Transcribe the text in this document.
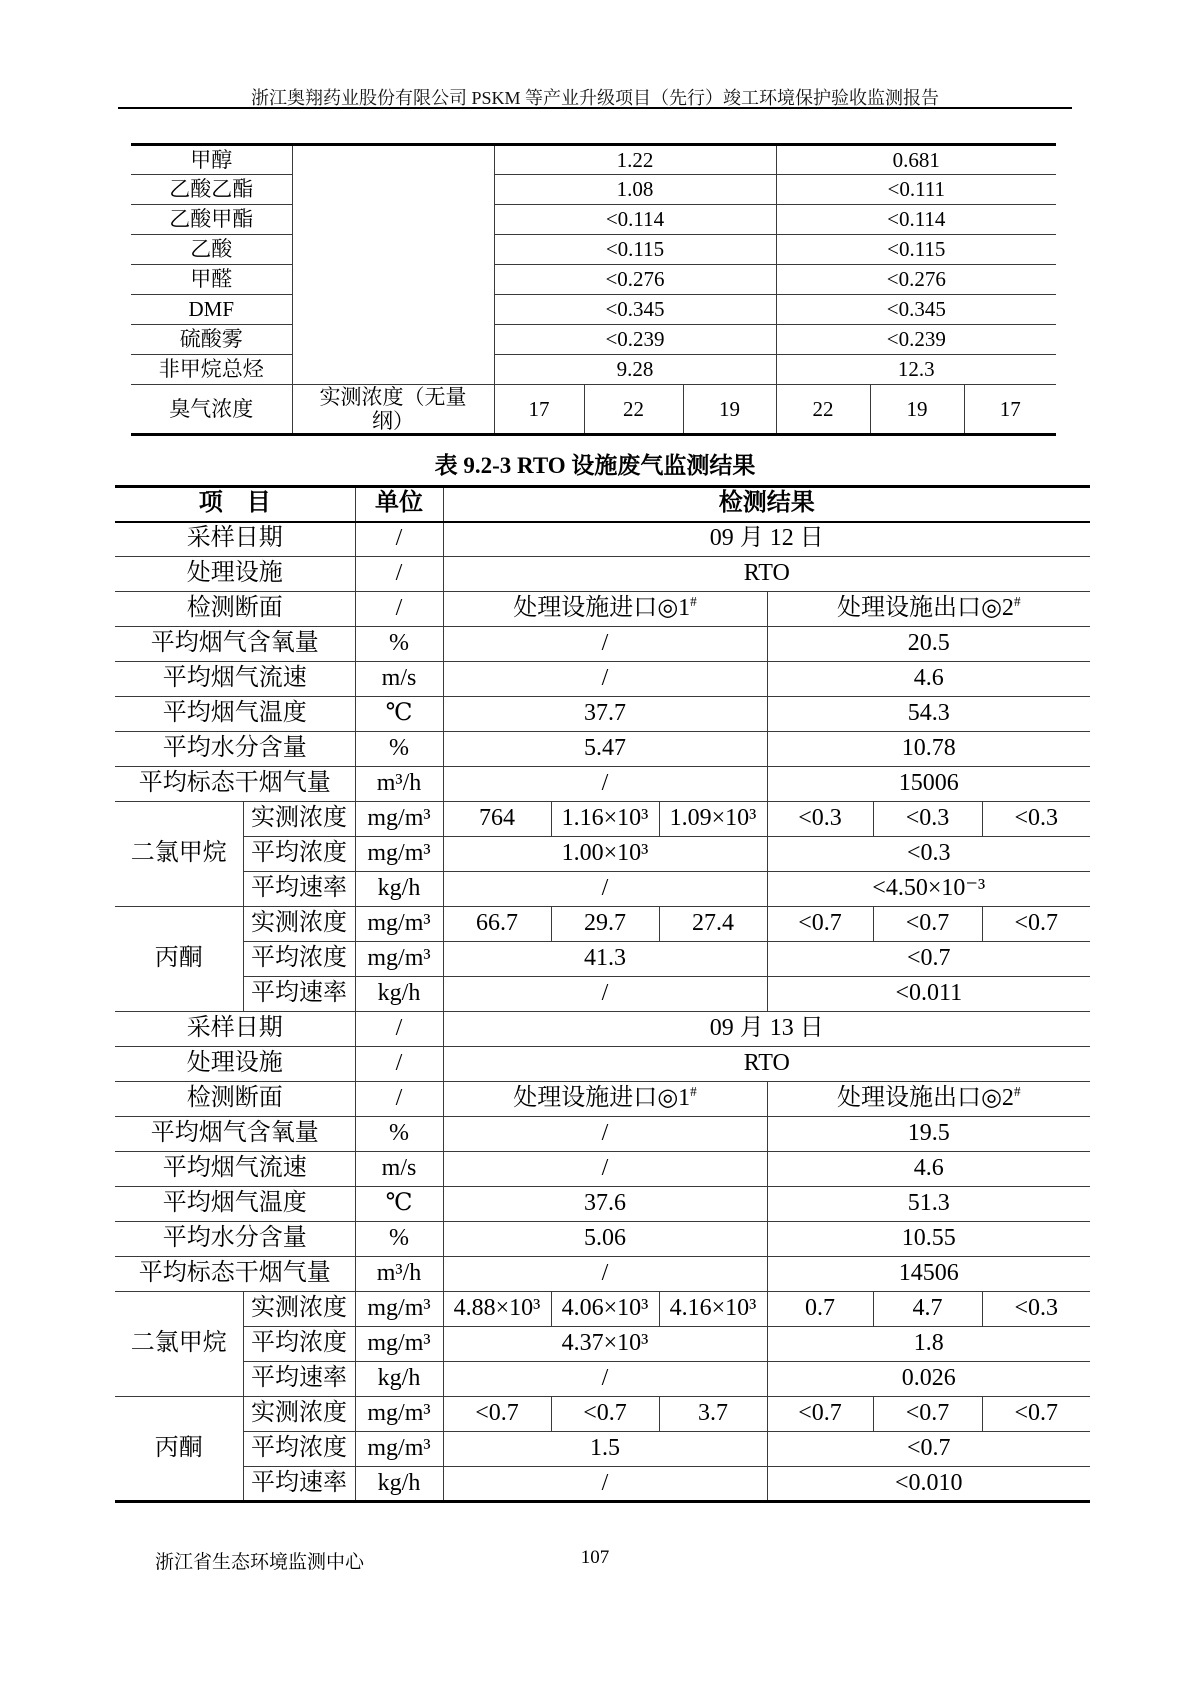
浙江奥翔药业股份有限公司 PSKM 等产业升级项目（先行）竣工环境保护验收监测报告
甲醇		1.22			0.681		
乙酸乙酯		1.08			<0.111		
乙酸甲酯		<0.114			<0.114		
乙酸		<0.115			<0.115		
甲醛		<0.276			<0.276		
DMF		<0.345			<0.345		
硫酸雾		<0.239			<0.239		
非甲烷总烃		9.28			12.3		
臭气浓度	实测浓度（无量纲）	17	22	19	22	19	17
表 9.2-3 RTO 设施废气监测结果
项　目		单位	检测结果					
采样日期		/	09 月 12 日					
处理设施		/	RTO					
检测断面		/	处理设施进口◎1#			处理设施出口◎2#
平均烟气含氧量		%	/			20.5		
平均烟气流速		m/s	/			4.6		
平均烟气温度		℃	37.7			54.3		
平均水分含量		%	5.47			10.78		
平均标态干烟气量		m³/h	/			15006		
二氯甲烷	实测浓度	mg/m³	764	1.16×10³	1.09×10³	<0.3	<0.3	<0.3
	平均浓度	mg/m³	1.00×10³			<0.3		
	平均速率	kg/h	/			<4.50×10⁻³		
丙酮	实测浓度	mg/m³	66.7	29.7	27.4	<0.7	<0.7	<0.7
	平均浓度	mg/m³	41.3			<0.7		
	平均速率	kg/h	/			<0.011		
采样日期		/	09 月 13 日					
处理设施		/	RTO					
检测断面		/	处理设施进口◎1#			处理设施出口◎2#
平均烟气含氧量		%	/			19.5		
平均烟气流速		m/s	/			4.6		
平均烟气温度		℃	37.6			51.3		
平均水分含量		%	5.06			10.55		
平均标态干烟气量		m³/h	/			14506		
二氯甲烷	实测浓度	mg/m³	4.88×10³	4.06×10³	4.16×10³	0.7	4.7	<0.3
	平均浓度	mg/m³	4.37×10³			1.8		
	平均速率	kg/h	/			0.026		
丙酮	实测浓度	mg/m³	<0.7	<0.7	3.7	<0.7	<0.7	<0.7
	平均浓度	mg/m³	1.5			<0.7		
	平均速率	kg/h	/			<0.010		
107
浙江省生态环境监测中心
